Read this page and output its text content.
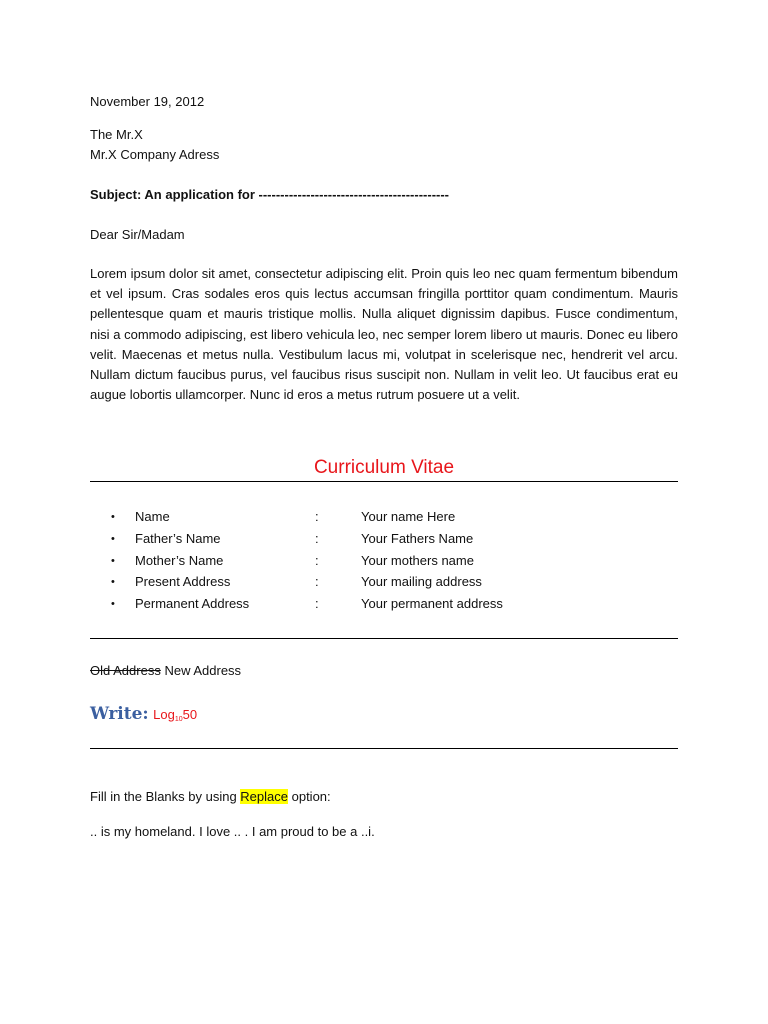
November 19, 2012
The Mr.X
Mr.X Company Adress
Subject: An application for --------------------------------------------
Dear Sir/Madam
Lorem ipsum dolor sit amet, consectetur adipiscing elit. Proin quis leo nec quam fermentum bibendum et vel ipsum. Cras sodales eros quis lectus accumsan fringilla porttitor quam condimentum. Mauris pellentesque quam et mauris tristique mollis. Nulla aliquet dignissim dapibus. Fusce condimentum, nisi a commodo adipiscing, est libero vehicula leo, nec semper lorem libero ut mauris. Donec eu libero velit. Maecenas et metus nulla. Vestibulum lacus mi, volutpat in scelerisque nec, hendrerit vel arcu. Nullam dictum faucibus purus, vel faucibus risus suscipit non. Nullam in velit leo. Ut faucibus erat eu augue lobortis ullamcorper. Nunc id eros a metus rutrum posuere ut a velit.
Curriculum Vitae
• Name	:	Your name Here
• Father’s Name	:	Your Fathers Name
• Mother’s Name	:	Your mothers name
• Present Address	:	Your mailing address
• Permanent Address	:	Your permanent address
Old Address New Address
Write: Log$_{10}$50
Fill in the Blanks by using Replace option:
.. is my homeland. I love .. . I am proud to be a ..i.
